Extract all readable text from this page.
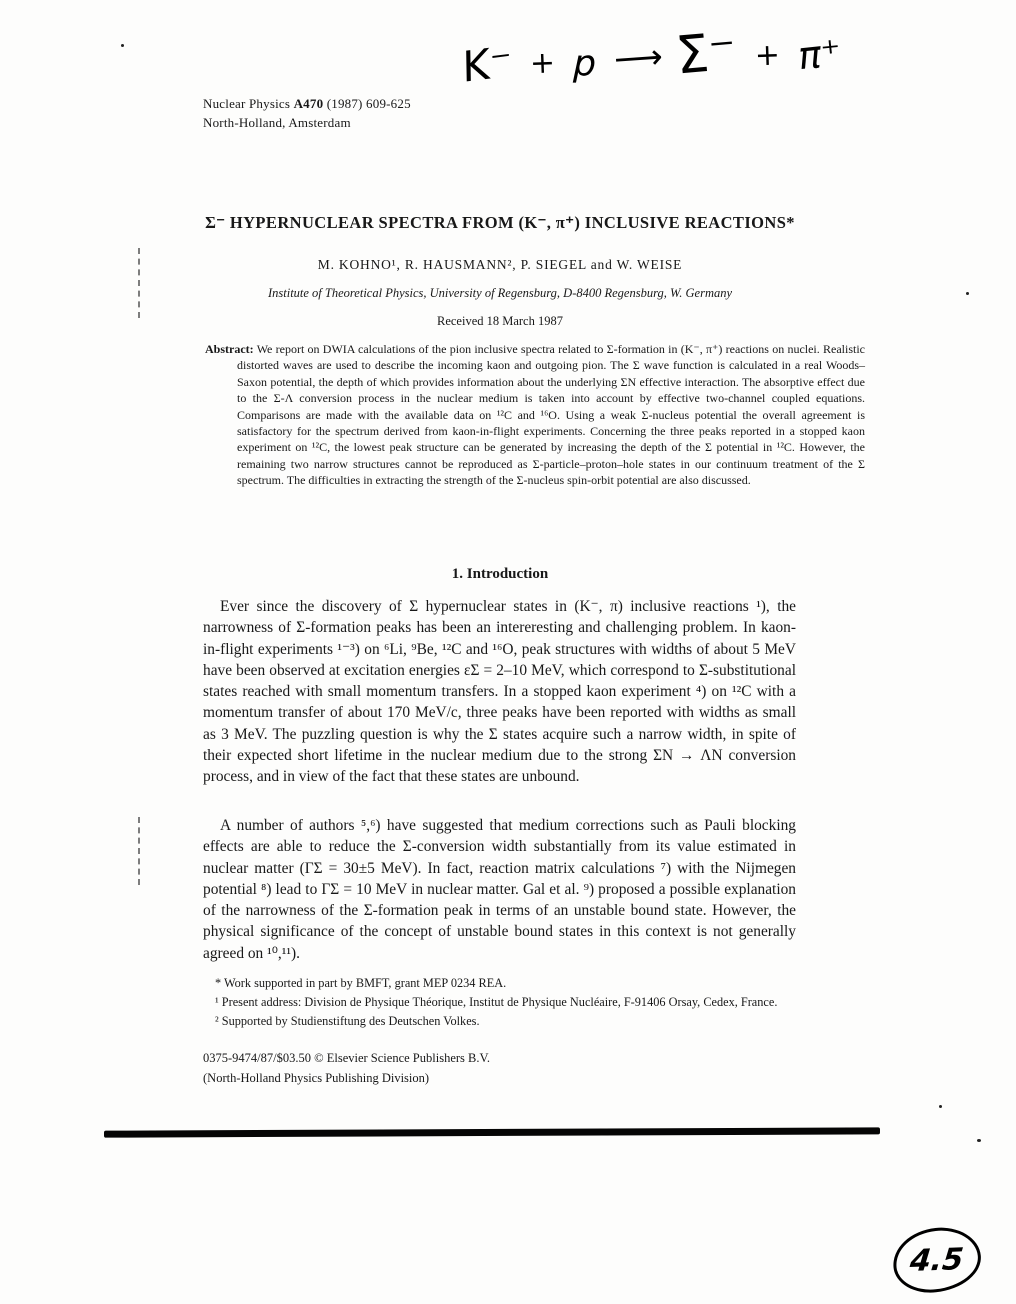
K⁻ + p ⟶ Σ⁻ + π⁺
Nuclear Physics A470 (1987) 609-625
North-Holland, Amsterdam
Σ⁻ HYPERNUCLEAR SPECTRA FROM (K⁻, π⁺) INCLUSIVE REACTIONS*
M. KOHNO¹, R. HAUSMANN², P. SIEGEL and W. WEISE
Institute of Theoretical Physics, University of Regensburg, D-8400 Regensburg, W. Germany
Received 18 March 1987
Abstract: We report on DWIA calculations of the pion inclusive spectra related to Σ-formation in (K⁻, π⁺) reactions on nuclei. Realistic distorted waves are used to describe the incoming kaon and outgoing pion. The Σ wave function is calculated in a real Woods–Saxon potential, the depth of which provides information about the underlying ΣN effective interaction. The absorptive effect due to the Σ-Λ conversion process in the nuclear medium is taken into account by effective two-channel coupled equations. Comparisons are made with the available data on ¹²C and ¹⁶O. Using a weak Σ-nucleus potential the overall agreement is satisfactory for the spectrum derived from kaon-in-flight experiments. Concerning the three peaks reported in a stopped kaon experiment on ¹²C, the lowest peak structure can be generated by increasing the depth of the Σ potential in ¹²C. However, the remaining two narrow structures cannot be reproduced as Σ-particle–proton–hole states in our continuum treatment of the Σ spectrum. The difficulties in extracting the strength of the Σ-nucleus spin-orbit potential are also discussed.
1. Introduction

Ever since the discovery of Σ hypernuclear states in (K⁻, π) inclusive reactions ¹), the narrowness of Σ-formation peaks has been an intereresting and challenging problem. In kaon-in-flight experiments ¹⁻³) on ⁶Li, ⁹Be, ¹²C and ¹⁶O, peak structures with widths of about 5 MeV have been observed at excitation energies εΣ = 2–10 MeV, which correspond to Σ-substitutional states reached with small momentum transfers. In a stopped kaon experiment ⁴) on ¹²C with a momentum transfer of about 170 MeV/c, three peaks have been reported with widths as small as 3 MeV. The puzzling question is why the Σ states acquire such a narrow width, in spite of their expected short lifetime in the nuclear medium due to the strong ΣN → ΛN conversion process, and in view of the fact that these states are unbound.

A number of authors ⁵,⁶) have suggested that medium corrections such as Pauli blocking effects are able to reduce the Σ-conversion width substantially from its value estimated in nuclear matter (ΓΣ = 30±5 MeV). In fact, reaction matrix calculations ⁷) with the Nijmegen potential ⁸) lead to ΓΣ = 10 MeV in nuclear matter. Gal et al. ⁹) proposed a possible explanation of the narrowness of the Σ-formation peak in terms of an unstable bound state. However, the physical significance of the concept of unstable bound states in this context is not generally agreed on ¹⁰,¹¹).

* Work supported in part by BMFT, grant MEP 0234 REA.
¹ Present address: Division de Physique Théorique, Institut de Physique Nucléaire, F-91406 Orsay, Cedex, France.
² Supported by Studienstiftung des Deutschen Volkes.
0375-9474/87/$03.50 © Elsevier Science Publishers B.V.
(North-Holland Physics Publishing Division)
4.5
